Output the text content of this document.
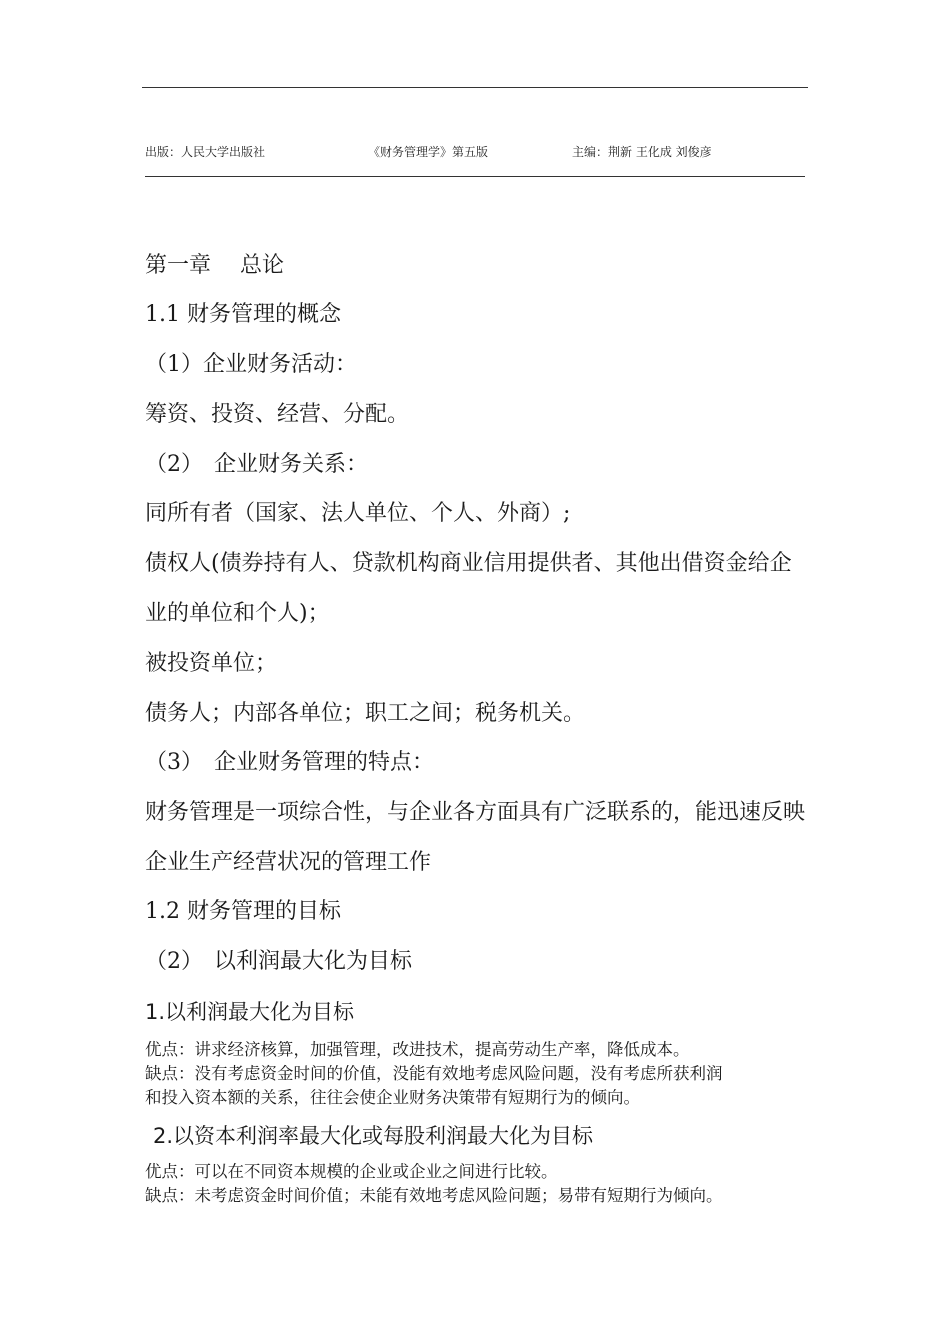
出版：人民大学出版社	《财务管理学》第五版	主编：荆新 王化成 刘俊彦
第一章　 总论
1.1 财务管理的概念
（1）企业财务活动：
筹资、投资、经营、分配。
（2）　企业财务关系：
同所有者（国家、法人单位、个人、外商）;
债权人(债券持有人、贷款机构商业信用提供者、其他出借资金给企
业的单位和个人)；
被投资单位；
债务人；内部各单位；职工之间；税务机关。
（3）　企业财务管理的特点：
财务管理是一项综合性，与企业各方面具有广泛联系的，能迅速反映
企业生产经营状况的管理工作
1.2 财务管理的目标
（2）　以利润最大化为目标
1.以利润最大化为目标
优点：讲求经济核算，加强管理，改进技术，提高劳动生产率，降低成本。
缺点：没有考虑资金时间的价值，没能有效地考虑风险问题，没有考虑所获利润
和投入资本额的关系，往往会使企业财务决策带有短期行为的倾向。
2.以资本利润率最大化或每股利润最大化为目标
优点：可以在不同资本规模的企业或企业之间进行比较。
缺点：未考虑资金时间价值；未能有效地考虑风险问题；易带有短期行为倾向。
